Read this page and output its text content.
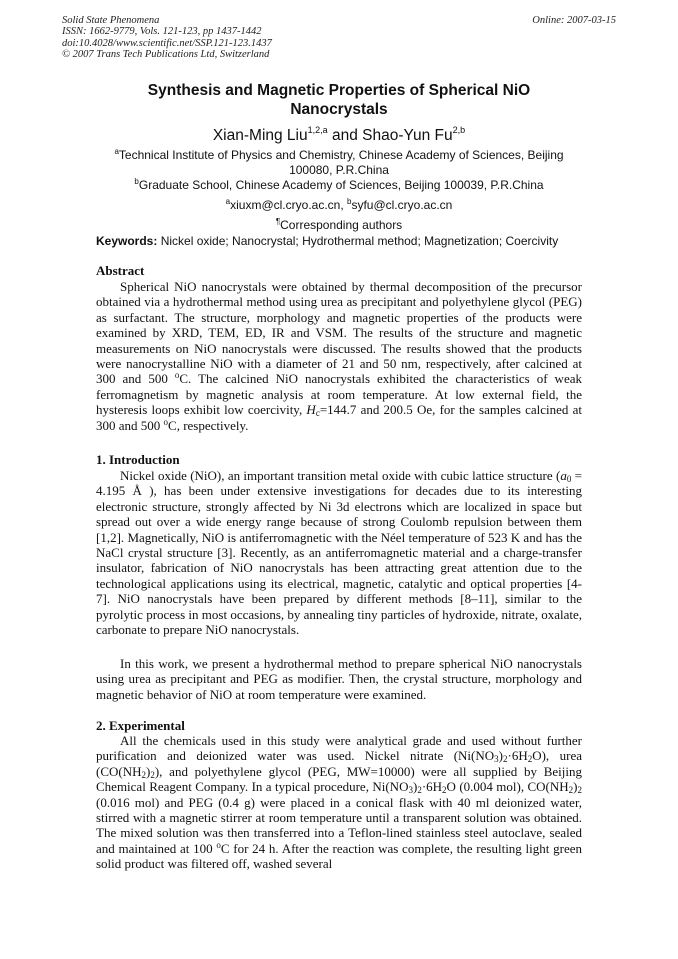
Solid State Phenomena
ISSN: 1662-9779, Vols. 121-123, pp 1437-1442
doi:10.4028/www.scientific.net/SSP.121-123.1437
© 2007 Trans Tech Publications Ltd, Switzerland
Online: 2007-03-15
Synthesis and Magnetic Properties of Spherical NiO
Nanocrystals
Xian-Ming Liu$^{1,2,a}$ and Shao-Yun Fu$^{2,b}$
$^a$Technical Institute of Physics and Chemistry, Chinese Academy of Sciences, Beijing
100080, P.R.China
$^b$Graduate School, Chinese Academy of Sciences, Beijing 100039, P.R.China
$^a$xiuxm@cl.cryo.ac.cn, $^b$syfu@cl.cryo.ac.cn
¶Corresponding authors
Keywords: Nickel oxide; Nanocrystal; Hydrothermal method; Magnetization; Coercivity
Abstract

Spherical NiO nanocrystals were obtained by thermal decomposition of the precursor obtained via a hydrothermal method using urea as precipitant and polyethylene glycol (PEG) as surfactant. The structure, morphology and magnetic properties of the products were examined by XRD, TEM, ED, IR and VSM. The results of the structure and magnetic measurements on NiO nanocrystals were discussed. The results showed that the products were nanocrystalline NiO with a diameter of 21 and 50 nm, respectively, after calcined at 300 and 500 $^o$C. The calcined NiO nanocrystals exhibited the characteristics of weak ferromagnetism by magnetic analysis at room temperature. At low external field, the hysteresis loops exhibit low coercivity, $H_c=144.7$ and 200.5 Oe, for the samples calcined at 300 and 500 $^o$C, respectively.

1. Introduction

Nickel oxide (NiO), an important transition metal oxide with cubic lattice structure ($a_0 = 4.195$ Å ), has been under extensive investigations for decades due to its interesting electronic structure, strongly affected by Ni 3d electrons which are localized in space but spread out over a wide energy range because of strong Coulomb repulsion between them [1,2]. Magnetically, NiO is antiferromagnetic with the Néel temperature of 523 K and has the NaCl crystal structure [3]. Recently, as an antiferromagnetic material and a charge-transfer insulator, fabrication of NiO nanocrystals has been attracting great attention due to the technological applications using its electrical, magnetic, catalytic and optical properties [4-7]. NiO nanocrystals have been prepared by different methods [8–11], similar to the pyrolytic process in most occasions, by annealing tiny particles of hydroxide, nitrate, oxalate, carbonate to prepare NiO nanocrystals.

In this work, we present a hydrothermal method to prepare spherical NiO nanocrystals using urea as precipitant and PEG as modifier. Then, the crystal structure, morphology and magnetic behavior of NiO at room temperature were examined.

2. Experimental

All the chemicals used in this study were analytical grade and used without further purification and deionized water was used. Nickel nitrate $(Ni(NO_3)_2\cdot 6H_2O)$, urea $(CO(NH_2)_2)$, and polyethylene glycol (PEG, MW=10000) were all supplied by Beijing Chemical Reagent Company. In a typical procedure, $Ni(NO_3)_2\cdot 6H_2O$ (0.004 mol), $CO(NH_2)_2$ (0.016 mol) and PEG (0.4 g) were placed in a conical flask with 40 ml deionized water, stirred with a magnetic stirrer at room temperature until a transparent solution was obtained. The mixed solution was then transferred into a Teflon-lined stainless steel autoclave, sealed and maintained at 100 $^o$C for 24 h. After the reaction was complete, the resulting light green solid product was filtered off, washed several
